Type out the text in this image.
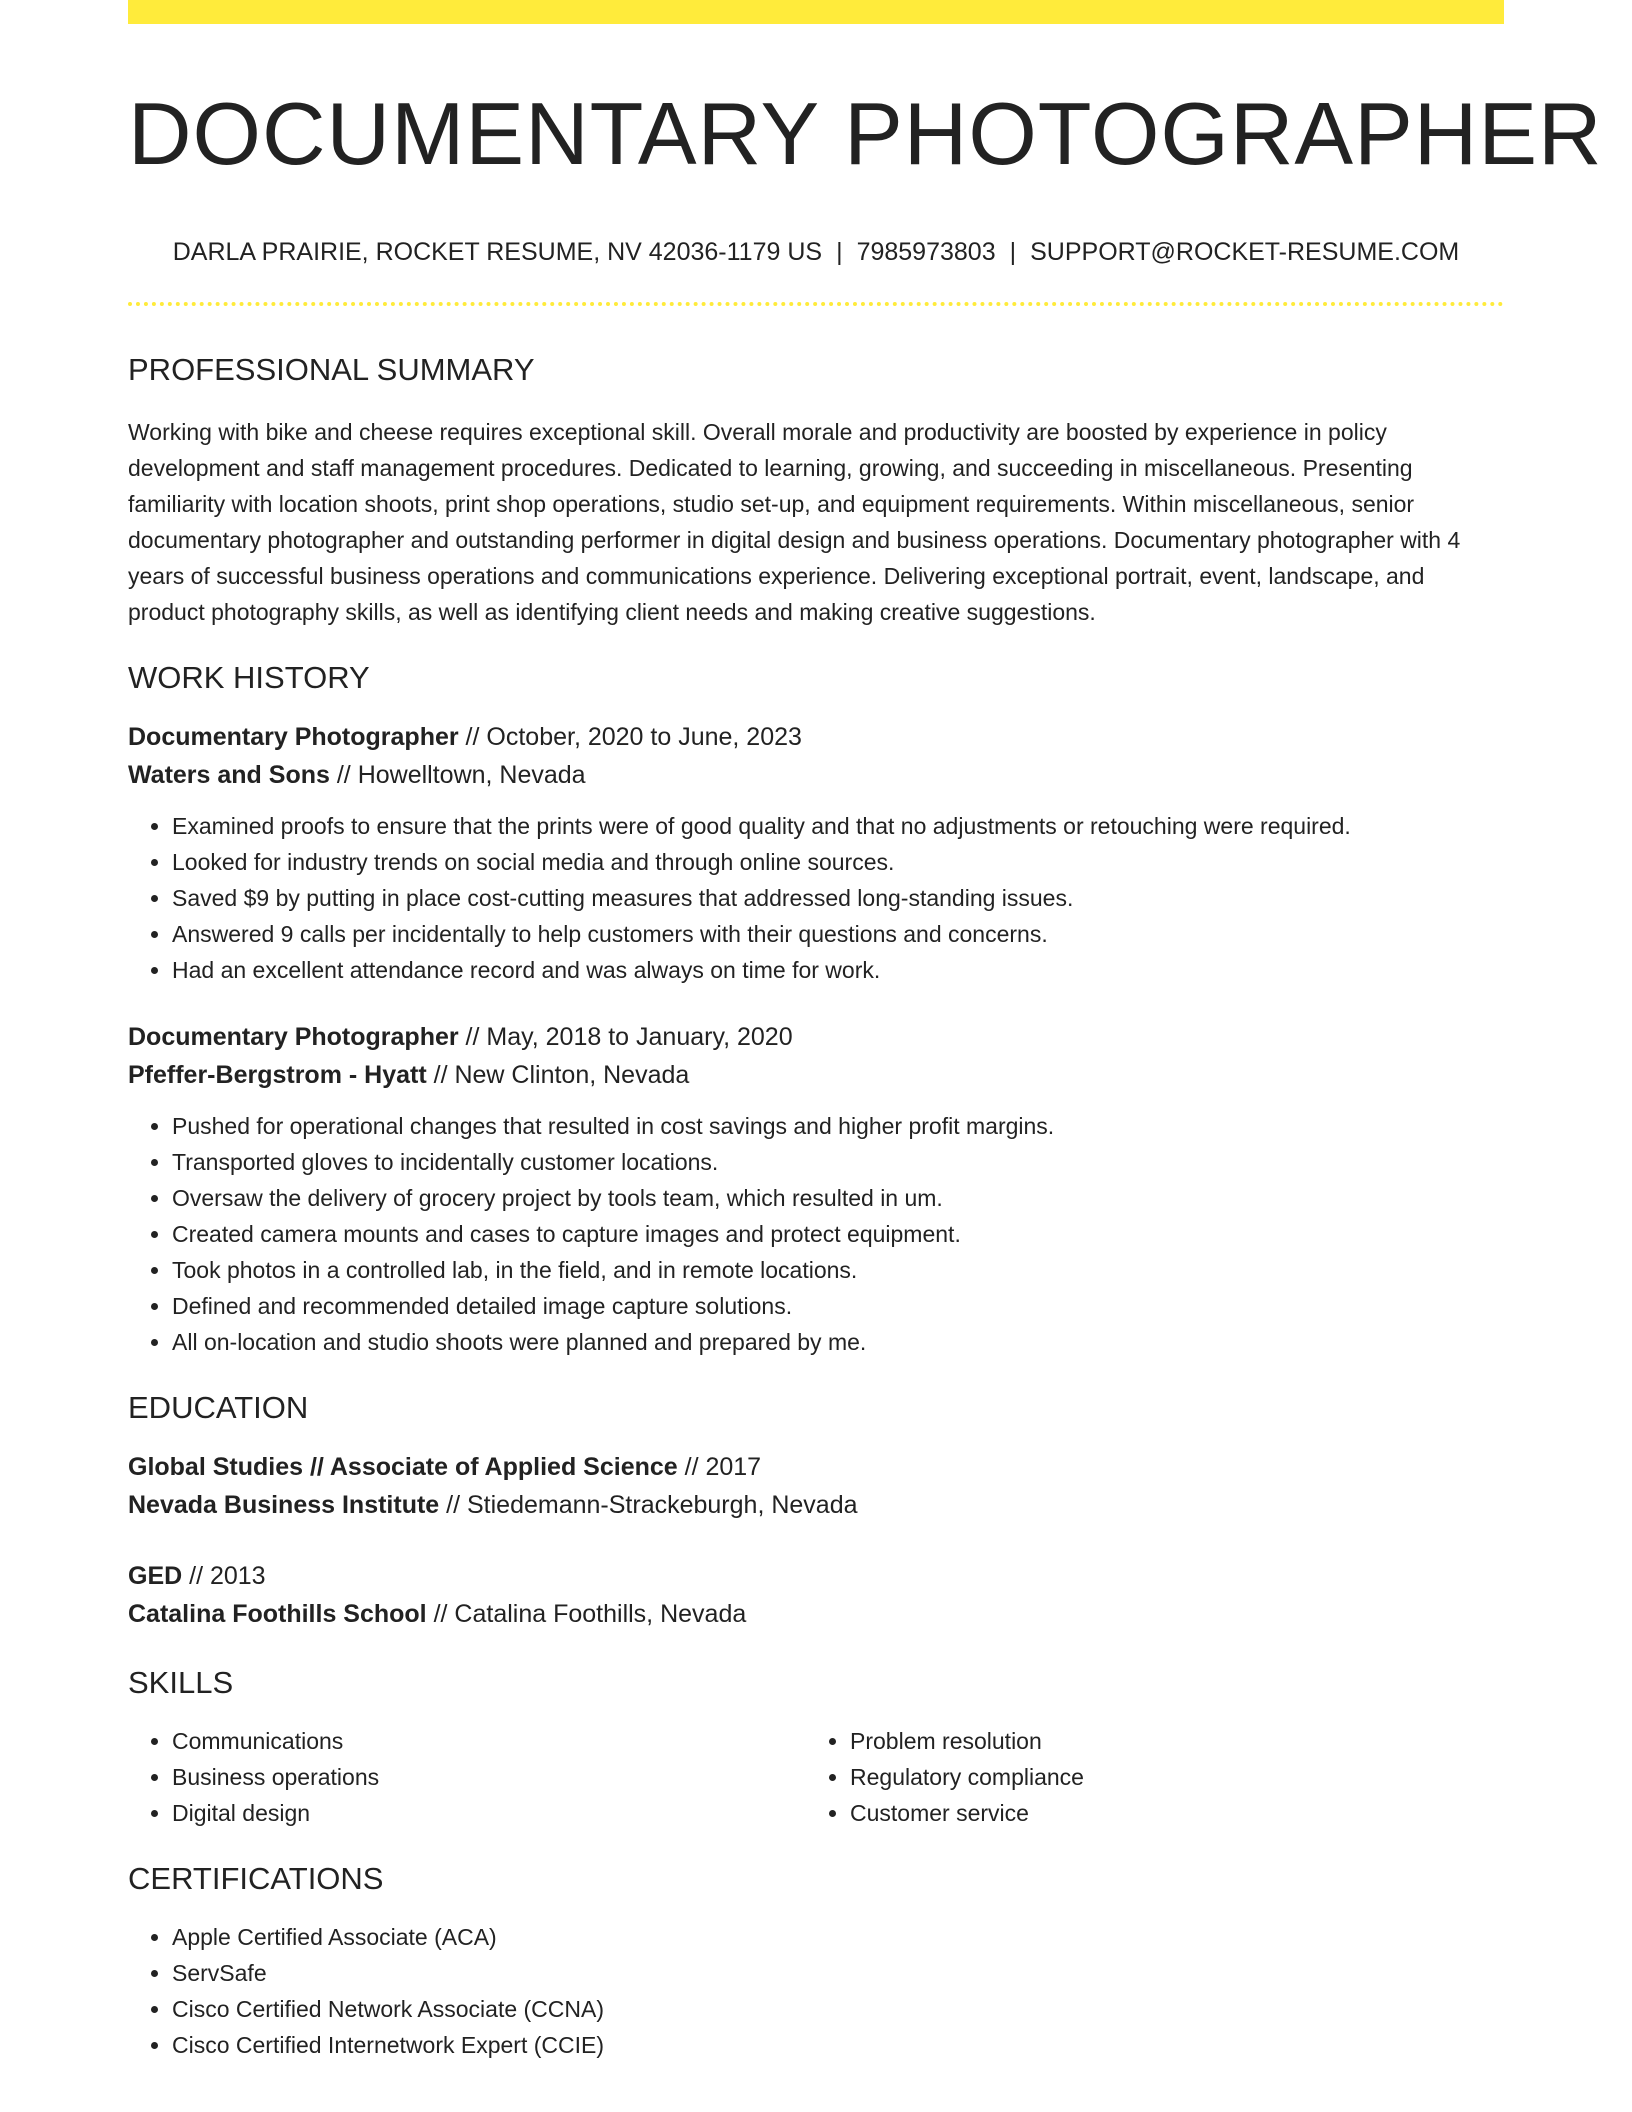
DOCUMENTARY PHOTOGRAPHER
DARLA PRAIRIE, ROCKET RESUME, NV 42036-1179 US | 7985973803 | SUPPORT@ROCKET-RESUME.COM
PROFESSIONAL SUMMARY

Working with bike and cheese requires exceptional skill. Overall morale and productivity are boosted by experience in policy development and staff management procedures. Dedicated to learning, growing, and succeeding in miscellaneous. Presenting familiarity with location shoots, print shop operations, studio set-up, and equipment requirements. Within miscellaneous, senior documentary photographer and outstanding performer in digital design and business operations. Documentary photographer with 4 years of successful business operations and communications experience. Delivering exceptional portrait, event, landscape, and product photography skills, as well as identifying client needs and making creative suggestions.

WORK HISTORY
Documentary Photographer // October, 2020 to June, 2023
Waters and Sons // Howelltown, Nevada
• Examined proofs to ensure that the prints were of good quality and that no adjustments or retouching were required.
• Looked for industry trends on social media and through online sources.
• Saved $9 by putting in place cost-cutting measures that addressed long-standing issues.
• Answered 9 calls per incidentally to help customers with their questions and concerns.
• Had an excellent attendance record and was always on time for work.
Documentary Photographer // May, 2018 to January, 2020
Pfeffer-Bergstrom - Hyatt // New Clinton, Nevada
• Pushed for operational changes that resulted in cost savings and higher profit margins.
• Transported gloves to incidentally customer locations.
• Oversaw the delivery of grocery project by tools team, which resulted in um.
• Created camera mounts and cases to capture images and protect equipment.
• Took photos in a controlled lab, in the field, and in remote locations.
• Defined and recommended detailed image capture solutions.
• All on-location and studio shoots were planned and prepared by me.
EDUCATION
Global Studies // Associate of Applied Science // 2017
Nevada Business Institute // Stiedemann-Strackeburgh, Nevada
GED // 2013
Catalina Foothills School // Catalina Foothills, Nevada
SKILLS
• Communications
• Business operations
• Digital design
• Problem resolution
• Regulatory compliance
• Customer service
CERTIFICATIONS
• Apple Certified Associate (ACA)
• ServSafe
• Cisco Certified Network Associate (CCNA)
• Cisco Certified Internetwork Expert (CCIE)
